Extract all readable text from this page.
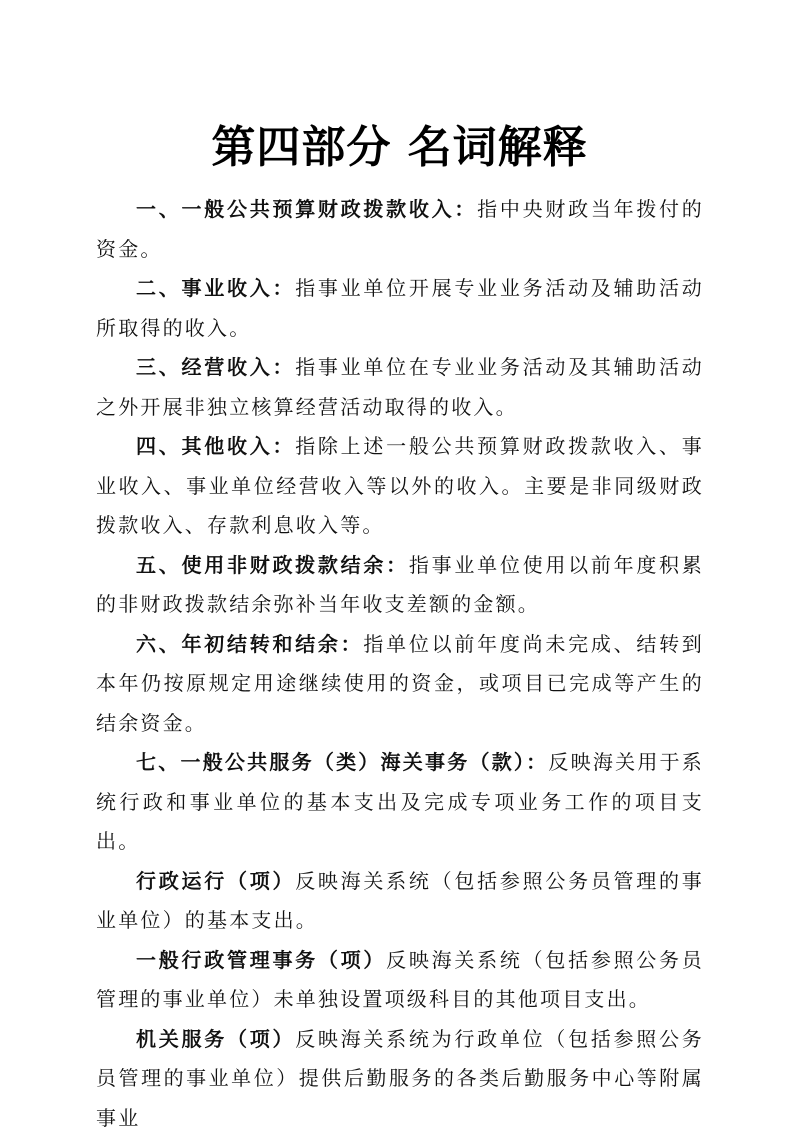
第四部分 名词解释

一、一般公共预算财政拨款收入：指中央财政当年拨付的资金。

二、事业收入：指事业单位开展专业业务活动及辅助活动所取得的收入。

三、经营收入：指事业单位在专业业务活动及其辅助活动之外开展非独立核算经营活动取得的收入。

四、其他收入：指除上述一般公共预算财政拨款收入、事业收入、事业单位经营收入等以外的收入。主要是非同级财政拨款收入、存款利息收入等。

五、使用非财政拨款结余：指事业单位使用以前年度积累的非财政拨款结余弥补当年收支差额的金额。

六、年初结转和结余：指单位以前年度尚未完成、结转到本年仍按原规定用途继续使用的资金，或项目已完成等产生的结余资金。

七、一般公共服务（类）海关事务（款）：反映海关用于系统行政和事业单位的基本支出及完成专项业务工作的项目支出。

行政运行（项）反映海关系统（包括参照公务员管理的事业单位）的基本支出。

一般行政管理事务（项）反映海关系统（包括参照公务员管理的事业单位）未单独设置项级科目的其他项目支出。

机关服务（项）反映海关系统为行政单位（包括参照公务员管理的事业单位）提供后勤服务的各类后勤服务中心等附属事业
